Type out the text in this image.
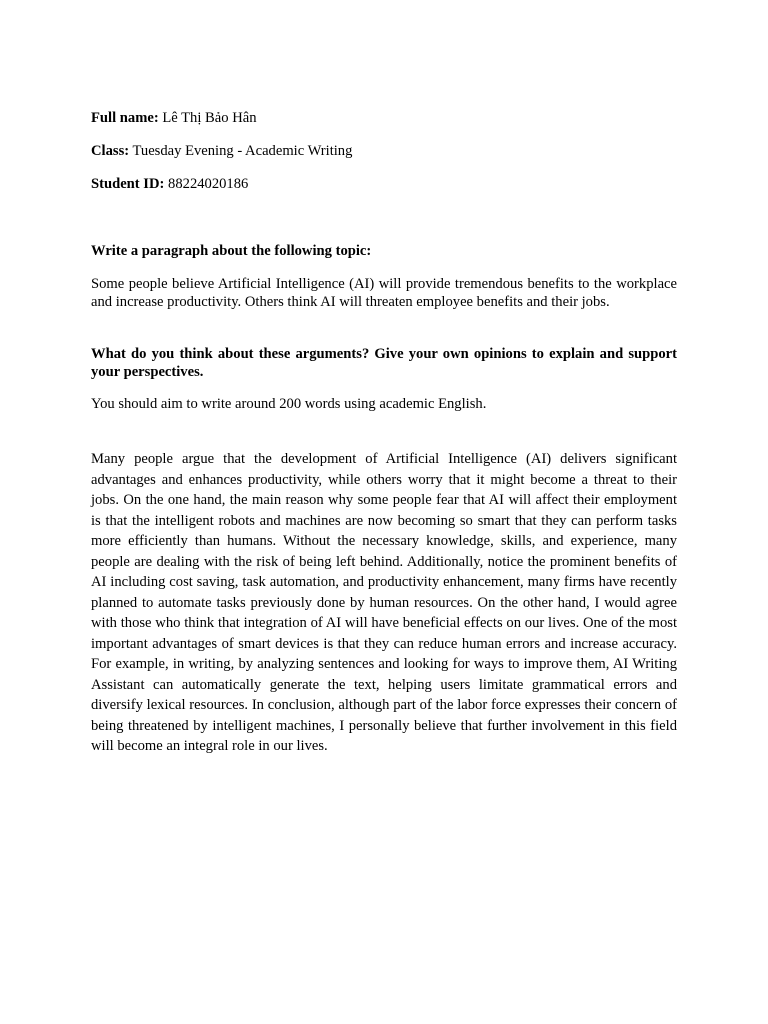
Full name: Lê Thị Bảo Hân

Class: Tuesday Evening - Academic Writing

Student ID: 88224020186

Write a paragraph about the following topic:

Some people believe Artificial Intelligence (AI) will provide tremendous benefits to the workplace and increase productivity. Others think AI will threaten employee benefits and their jobs.

What do you think about these arguments? Give your own opinions to explain and support your perspectives.

You should aim to write around 200 words using academic English.

Many people argue that the development of Artificial Intelligence (AI) delivers significant advantages and enhances productivity, while others worry that it might become a threat to their jobs. On the one hand, the main reason why some people fear that AI will affect their employment is that the intelligent robots and machines are now becoming so smart that they can perform tasks more efficiently than humans. Without the necessary knowledge, skills, and experience, many people are dealing with the risk of being left behind. Additionally, notice the prominent benefits of AI including cost saving, task automation, and productivity enhancement, many firms have recently planned to automate tasks previously done by human resources. On the other hand, I would agree with those who think that integration of AI will have beneficial effects on our lives. One of the most important advantages of smart devices is that they can reduce human errors and increase accuracy. For example, in writing, by analyzing sentences and looking for ways to improve them, AI Writing Assistant can automatically generate the text, helping users limitate grammatical errors and diversify lexical resources. In conclusion, although part of the labor force expresses their concern of being threatened by intelligent machines, I personally believe that further involvement in this field will become an integral role in our lives.
